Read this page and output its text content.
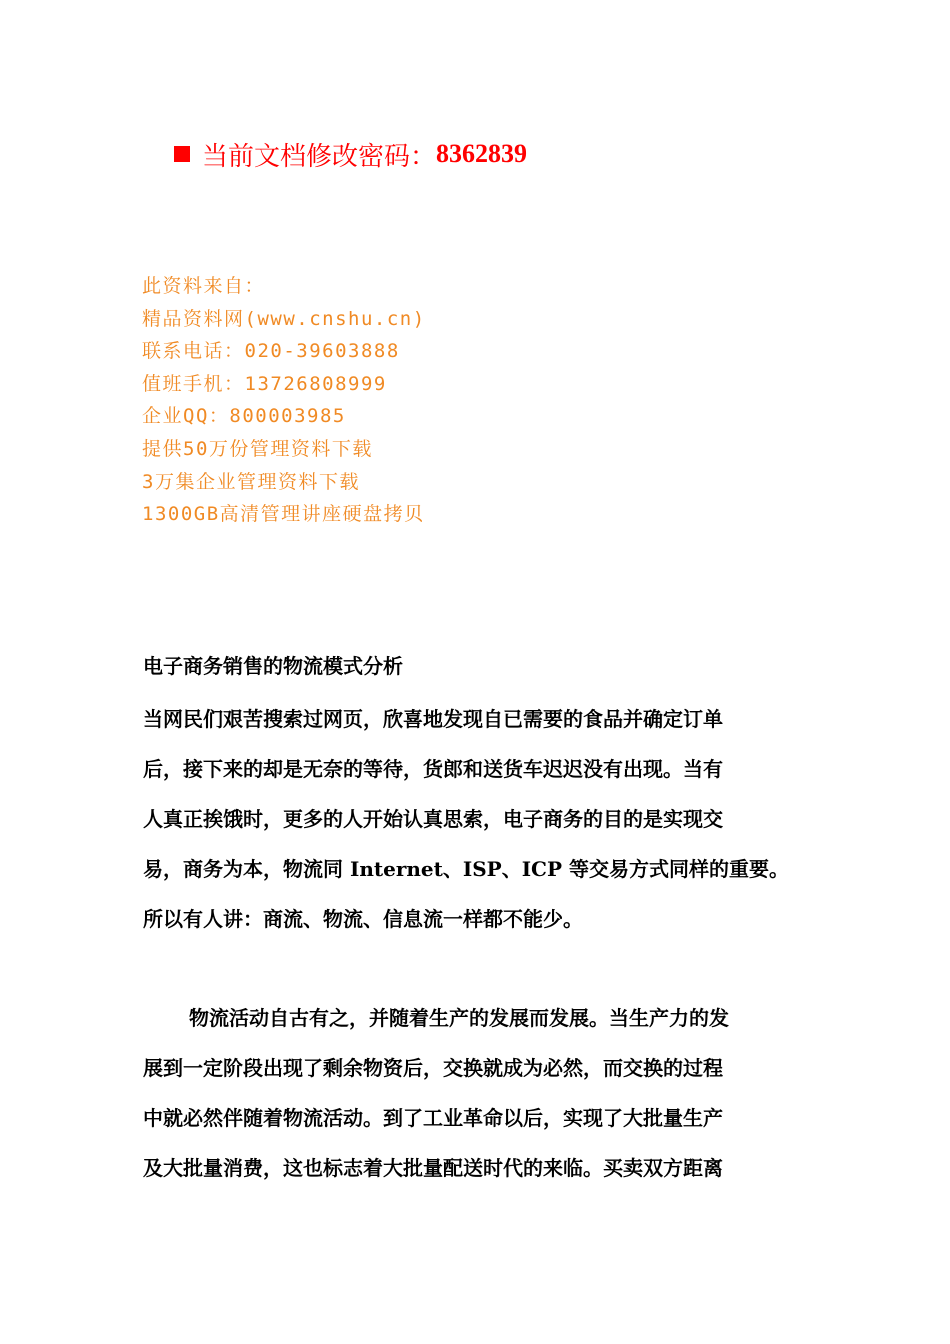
当前文档修改密码： 8362839
此资料来自：
精品资料网(www.cnshu.cn)
联系电话：020-39603888
值班手机：13726808999
企业QQ：800003985
提供50万份管理资料下载
3万集企业管理资料下载
1300GB高清管理讲座硬盘拷贝
电子商务销售的物流模式分析
当网民们艰苦搜索过网页，欣喜地发现自已需要的食品并确定订单
后，接下来的却是无奈的等待，货郎和送货车迟迟没有出现。当有
人真正挨饿时，更多的人开始认真思索，电子商务的目的是实现交
易，商务为本，物流同 Internet、ISP、ICP 等交易方式同样的重要。
所以有人讲：商流、物流、信息流一样都不能少。
物流活动自古有之，并随着生产的发展而发展。当生产力的发
展到一定阶段出现了剩余物资后，交换就成为必然，而交换的过程
中就必然伴随着物流活动。到了工业革命以后，实现了大批量生产
及大批量消费，这也标志着大批量配送时代的来临。买卖双方距离
